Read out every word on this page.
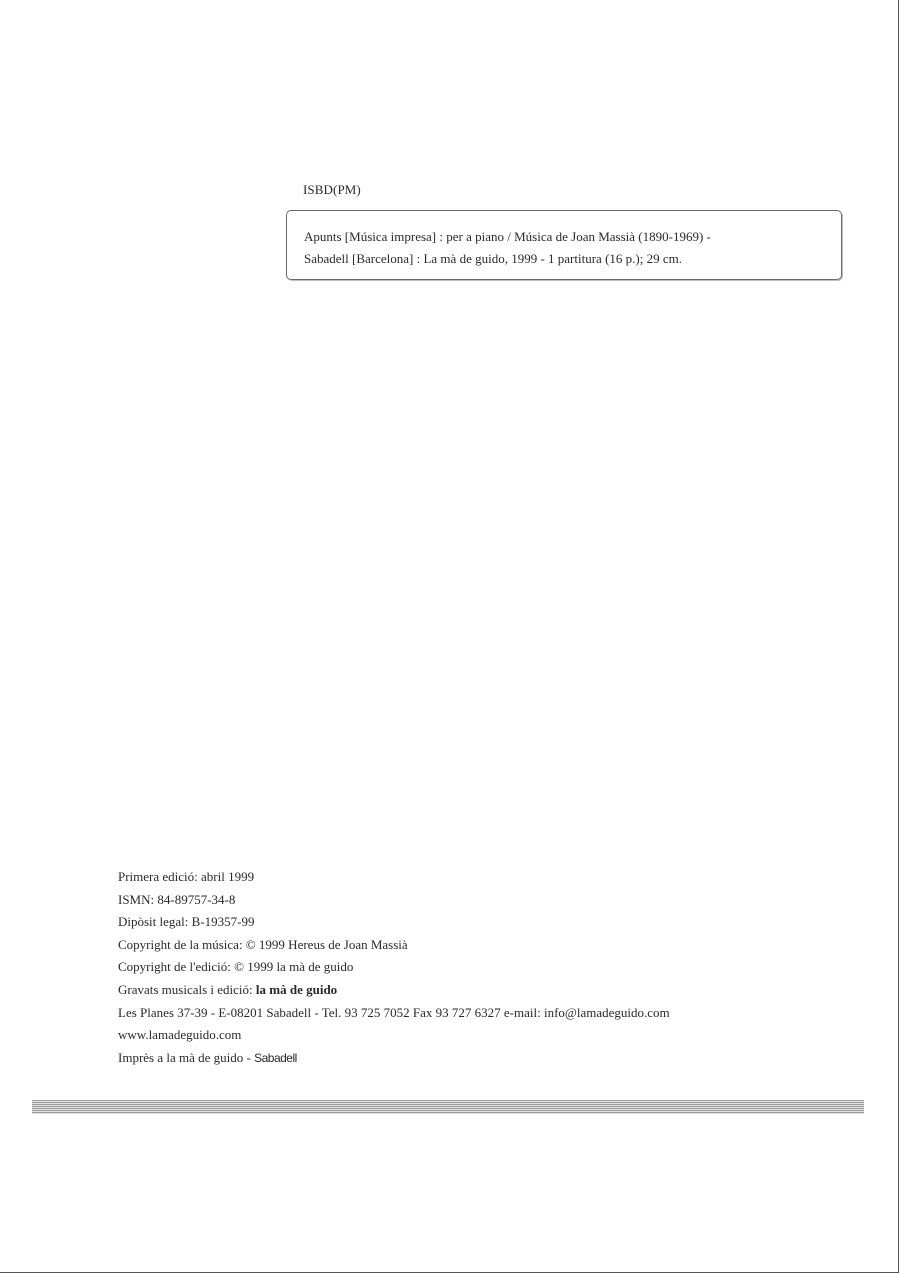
ISBD(PM)
Apunts [Música impresa] : per a piano / Música de Joan Massià (1890-1969) -
Sabadell [Barcelona] : La mà de guido, 1999 - 1 partitura (16 p.); 29 cm.
Primera edició: abril 1999
ISMN: 84-89757-34-8
Dipòsit legal: B-19357-99
Copyright de la música: © 1999 Hereus de Joan Massià
Copyright de l'edició: © 1999 la mà de guido
Gravats musicals i edició: la mà de guido
Les Planes 37-39 - E-08201 Sabadell - Tel. 93 725 7052 Fax 93 727 6327 e-mail: info@lamadeguido.com
www.lamadeguido.com
Imprès a la mà de guido - Sabadell
